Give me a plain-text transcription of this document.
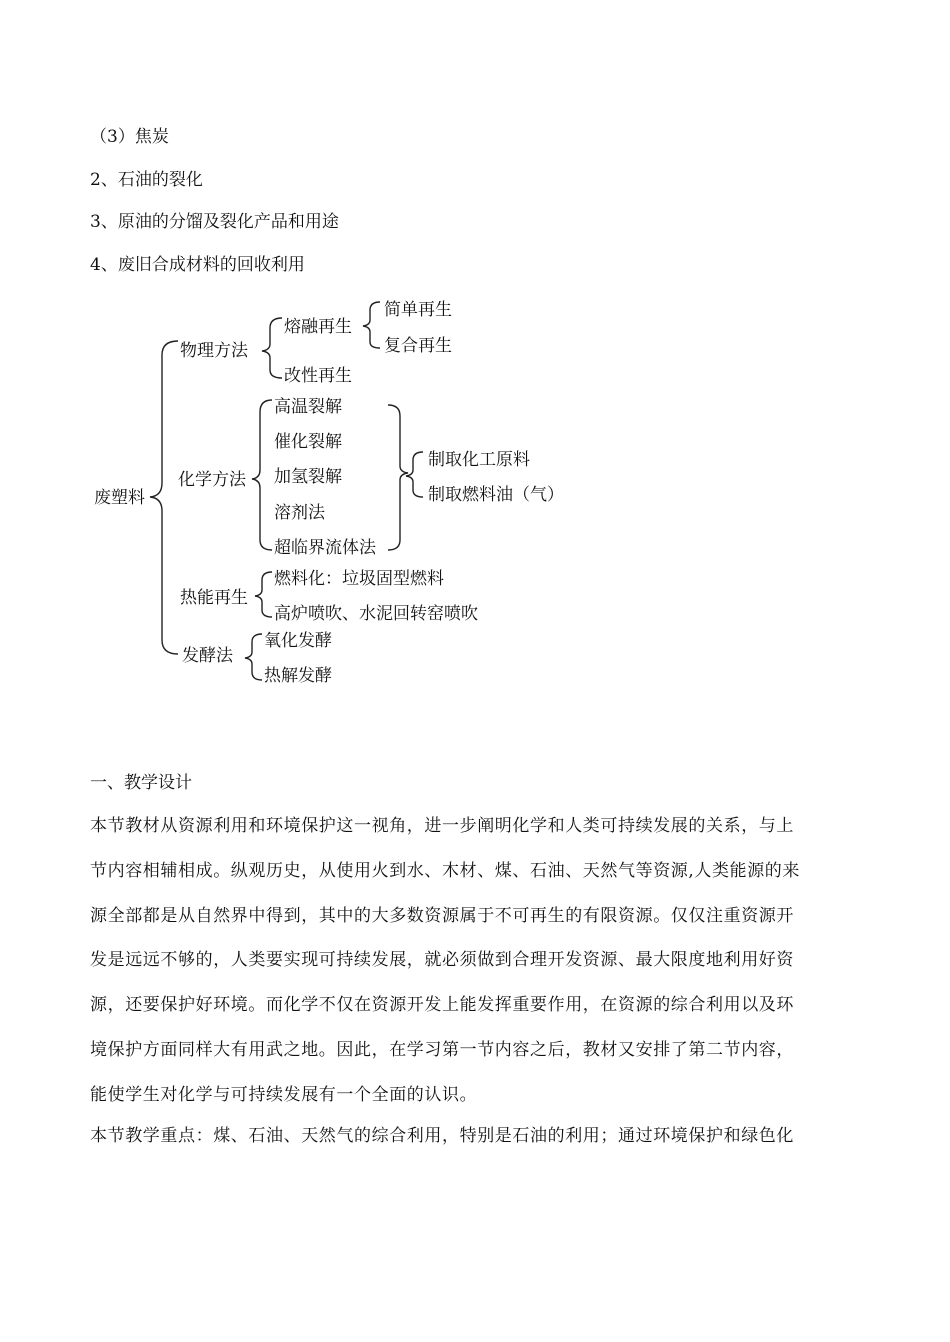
（3）焦炭
2、石油的裂化
3、原油的分馏及裂化产品和用途
4、废旧合成材料的回收利用
废塑料
物理方法
熔融再生
简单再生
复合再生
改性再生
化学方法
高温裂解
催化裂解
加氢裂解
溶剂法
超临界流体法
制取化工原料
制取燃料油（气）
热能再生
燃料化：垃圾固型燃料
高炉喷吹、水泥回转窑喷吹
发酵法
氧化发酵
热解发酵
一、教学设计
本节教材从资源利用和环境保护这一视角，进一步阐明化学和人类可持续发展的关系，与上
节内容相辅相成。纵观历史，从使用火到水、木材、煤、石油、天然气等资源,人类能源的来
源全部都是从自然界中得到，其中的大多数资源属于不可再生的有限资源。仅仅注重资源开
发是远远不够的，人类要实现可持续发展，就必须做到合理开发资源、最大限度地利用好资
源，还要保护好环境。而化学不仅在资源开发上能发挥重要作用，在资源的综合利用以及环
境保护方面同样大有用武之地。因此，在学习第一节内容之后，教材又安排了第二节内容，
能使学生对化学与可持续发展有一个全面的认识。
本节教学重点：煤、石油、天然气的综合利用，特别是石油的利用；通过环境保护和绿色化
